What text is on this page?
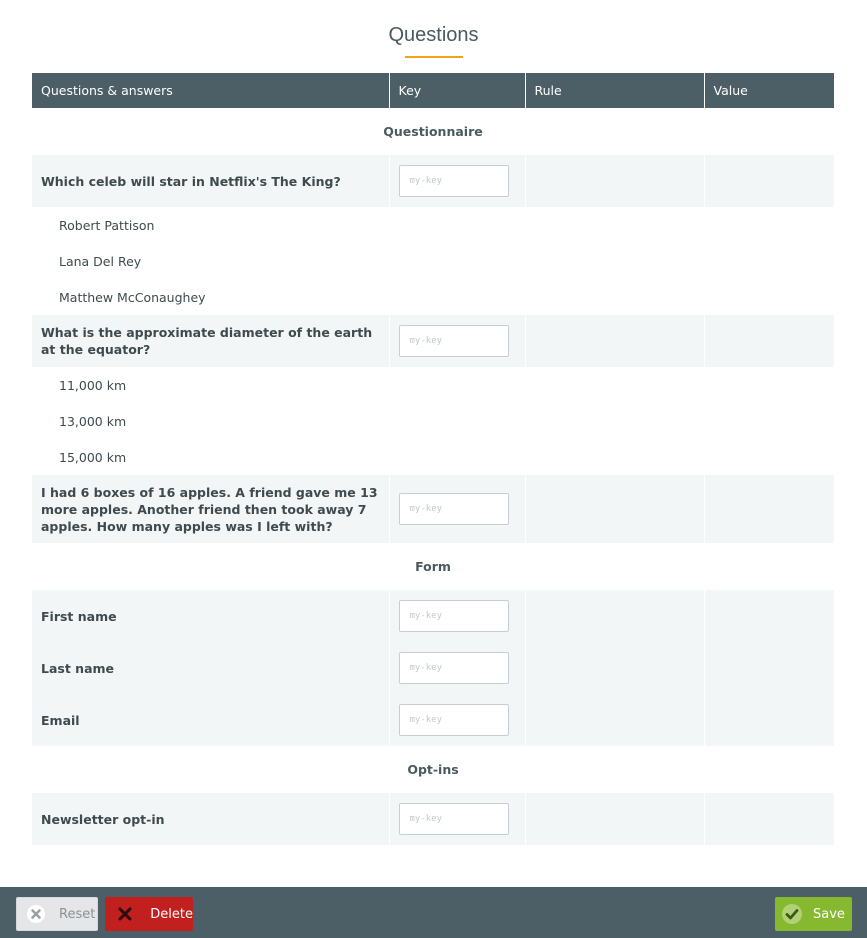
Questions
Questions & answers	Key	Rule	Value
Questionnaire			
Which celeb will star in Netflix's The King?	my-key		
Robert Pattison			
Lana Del Rey			
Matthew McConaughey			
What is the approximate diameter of the earth at the equator?	my-key		
11,000 km			
13,000 km			
15,000 km			
I had 6 boxes of 16 apples. A friend gave me 13 more apples. Another friend then took away 7 apples. How many apples was I left with?	my-key		
Form			
First name	my-key		
Last name	my-key		
Email	my-key		
Opt-ins			
Newsletter opt-in	my-key		
Reset	Delete	Save
